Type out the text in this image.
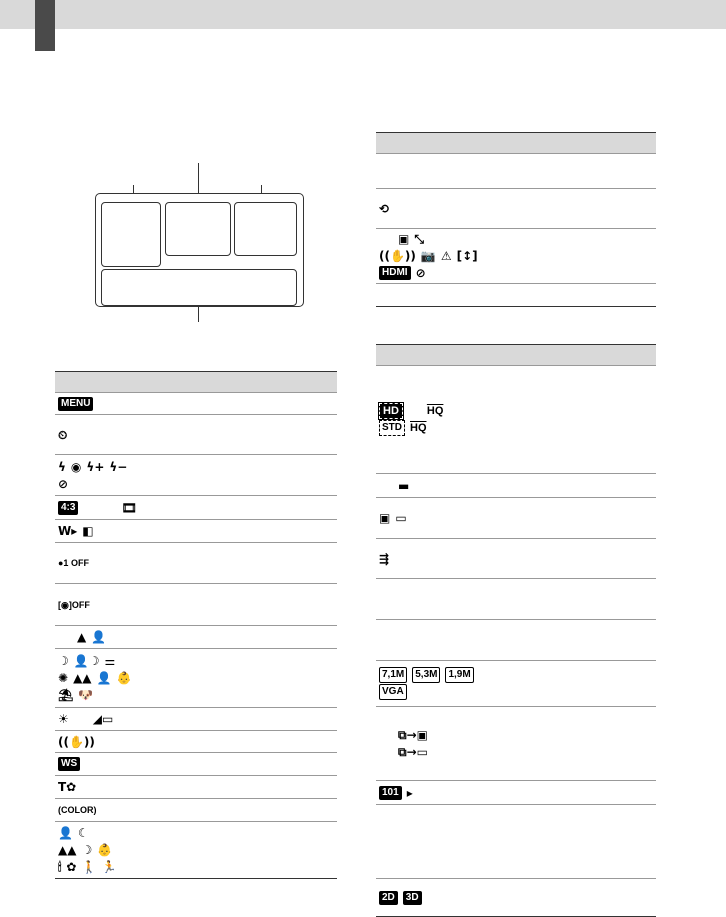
MENU
⏲
ϟ ◉ ϟ+ ϟ−
⊘
4:3	🎞
W▸ ◧
●1 OFF
[◉]OFF
▲ 👤
☽ 👤☽ ⚌
✺ ▲▲ 👤 👶
⛱ 🐶
☀ ◢▭
((✋))
WS
T✿
(COLOR)
👤 ☾
▲▲ ☽ 👶
🕯 ✿ 🚶 🏃
⟲
▣ ⤡
((✋)) 📷 ⚠ [↕]
HDMI ⊘
HD	$\overline{HQ}$
STD $\overline{HQ}$
▬
▣ ▭
⇶
7,1M	5,3M	1,9M
VGA
⧉→▣
⧉→▭
101 ▸
2D	3D
